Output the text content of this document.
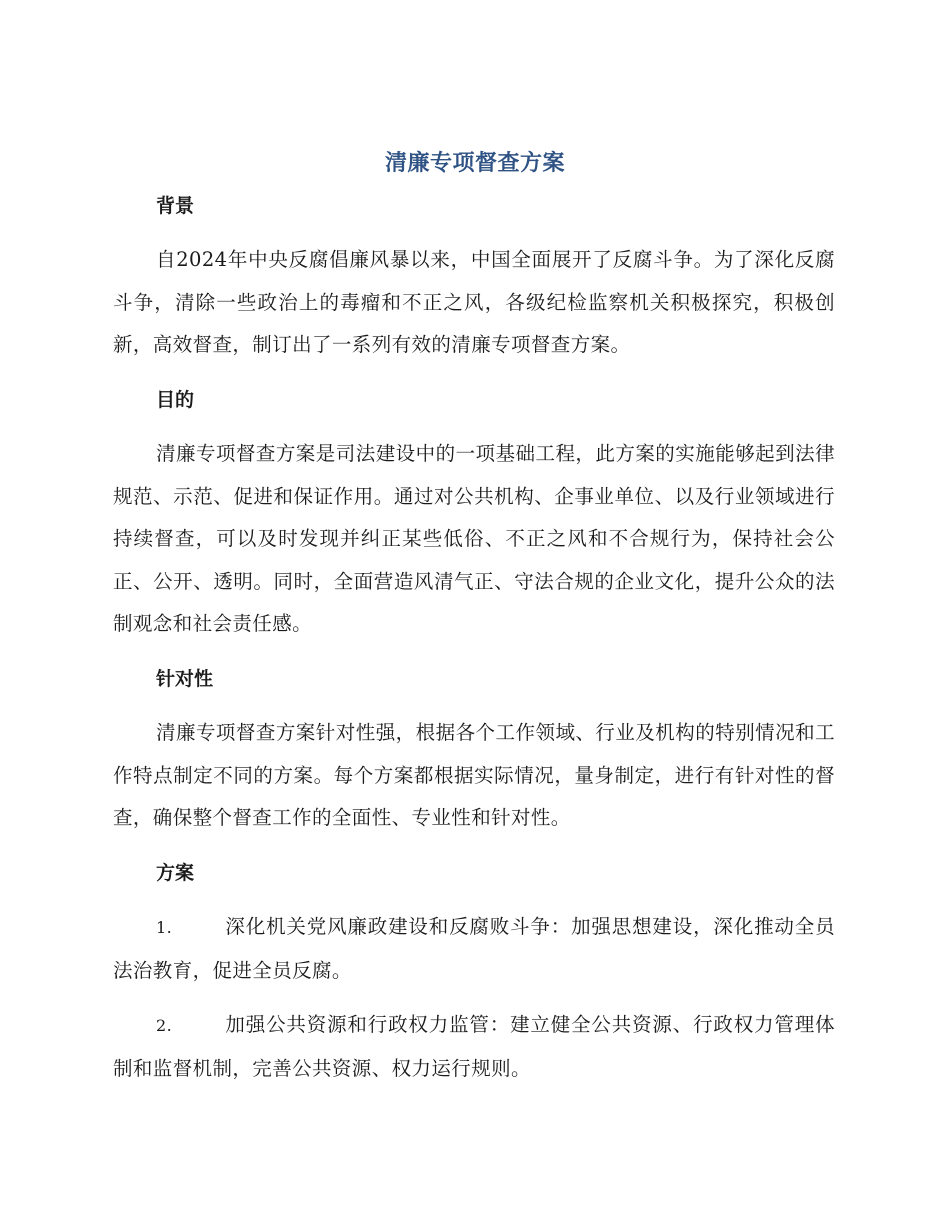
清廉专项督查方案
背景
自2024年中央反腐倡廉风暴以来，中国全面展开了反腐斗争。为了深化反腐斗争，清除一些政治上的毒瘤和不正之风，各级纪检监察机关积极探究，积极创新，高效督查，制订出了一系列有效的清廉专项督查方案。
目的
清廉专项督查方案是司法建设中的一项基础工程，此方案的实施能够起到法律规范、示范、促进和保证作用。通过对公共机构、企事业单位、以及行业领域进行持续督查，可以及时发现并纠正某些低俗、不正之风和不合规行为，保持社会公正、公开、透明。同时，全面营造风清气正、守法合规的企业文化，提升公众的法制观念和社会责任感。
针对性
清廉专项督查方案针对性强，根据各个工作领域、行业及机构的特别情况和工作特点制定不同的方案。每个方案都根据实际情况，量身制定，进行有针对性的督查，确保整个督查工作的全面性、专业性和针对性。
方案
1.	深化机关党风廉政建设和反腐败斗争：加强思想建设，深化推动全员法治教育，促进全员反腐。
2.	加强公共资源和行政权力监管：建立健全公共资源、行政权力管理体制和监督机制，完善公共资源、权力运行规则。
